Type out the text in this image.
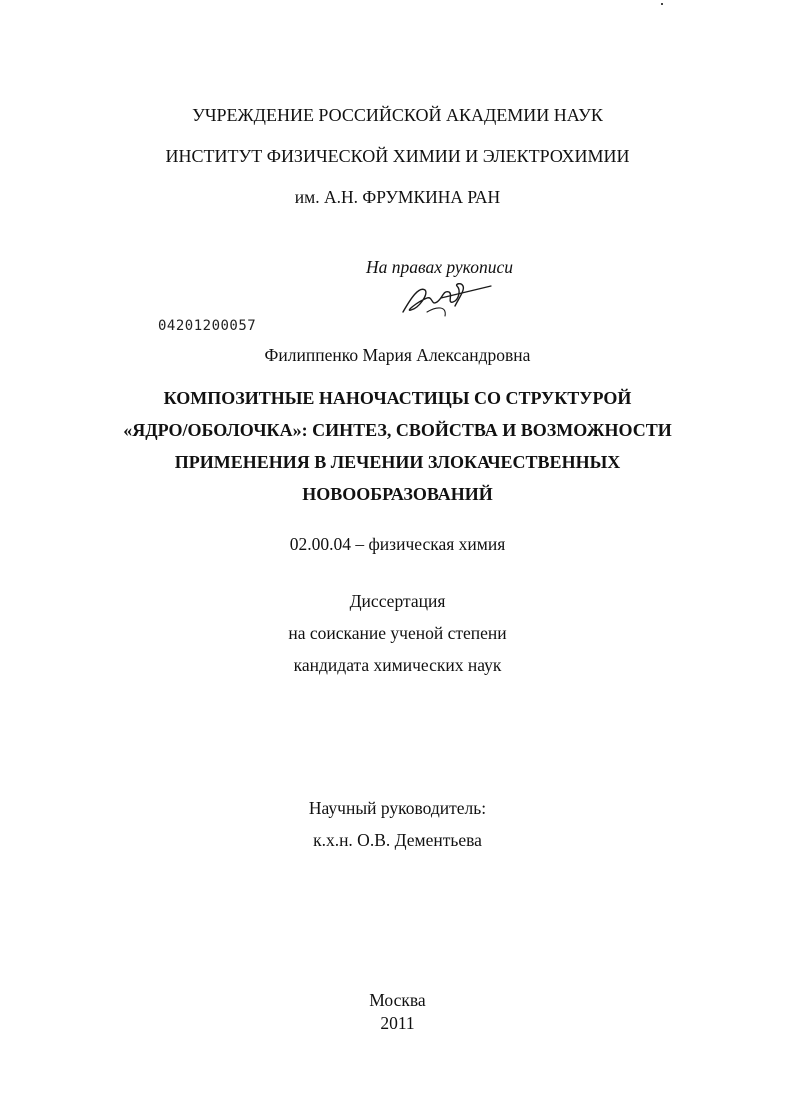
УЧРЕЖДЕНИЕ РОССИЙСКОЙ АКАДЕМИИ НАУК
ИНСТИТУТ ФИЗИЧЕСКОЙ ХИМИИ И ЭЛЕКТРОХИМИИ
им. А.Н. ФРУМКИНА РАН
На правах рукописи
04201200057
Филиппенко Мария Александровна
КОМПОЗИТНЫЕ НАНОЧАСТИЦЫ СО СТРУКТУРОЙ
«ЯДРО/ОБОЛОЧКА»: СИНТЕЗ, СВОЙСТВА И ВОЗМОЖНОСТИ
ПРИМЕНЕНИЯ В ЛЕЧЕНИИ ЗЛОКАЧЕСТВЕННЫХ
НОВООБРАЗОВАНИЙ
02.00.04 – физическая химия
Диссертация
на соискание ученой степени
кандидата химических наук
Научный руководитель:
к.х.н. О.В. Дементьева
Москва
2011
